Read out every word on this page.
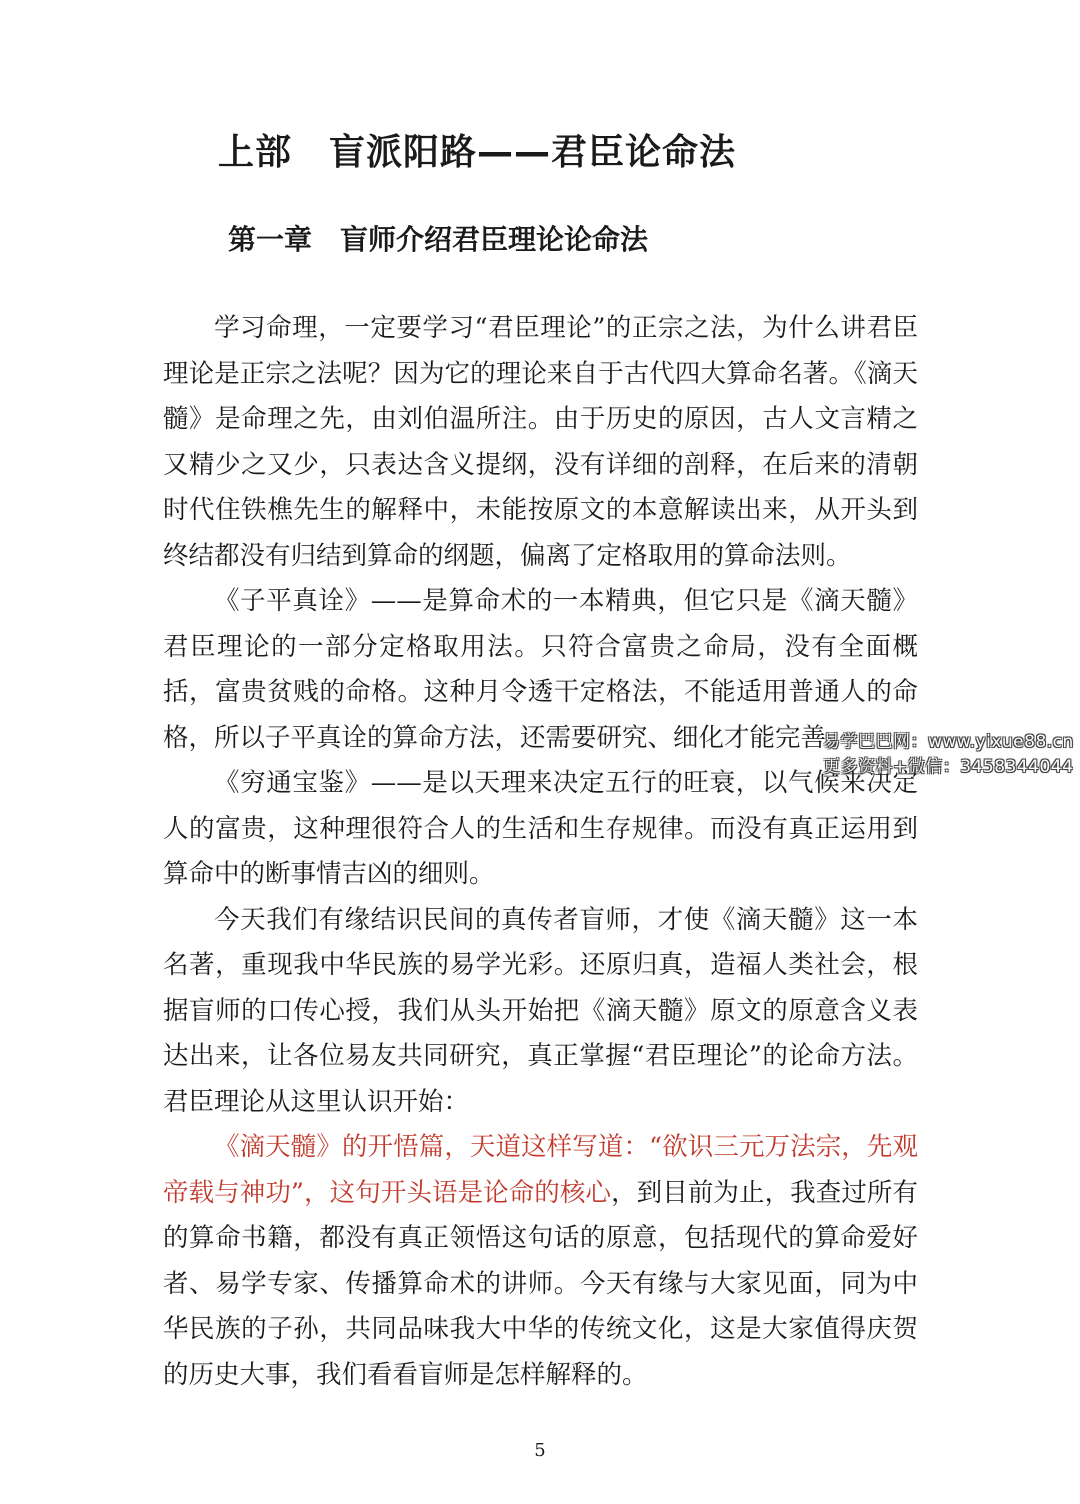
上部　盲派阳路——君臣论命法
第一章　盲师介绍君臣理论论命法

学习命理，一定要学习“君臣理论”的正宗之法，为什么讲君臣理论是正宗之法呢？因为它的理论来自于古代四大算命名著。《滴天髓》是命理之先，由刘伯温所注。由于历史的原因，古人文言精之又精少之又少，只表达含义提纲，没有详细的剖释，在后来的清朝时代住铁樵先生的解释中，未能按原文的本意解读出来，从开头到终结都没有归结到算命的纲题，偏离了定格取用的算命法则。

《子平真诠》——是算命术的一本精典，但它只是《滴天髓》君臣理论的一部分定格取用法。只符合富贵之命局，没有全面概括，富贵贫贱的命格。这种月令透干定格法，不能适用普通人的命格，所以子平真诠的算命方法，还需要研究、细化才能完善。

《穷通宝鉴》——是以天理来决定五行的旺衰，以气候来决定人的富贵，这种理很符合人的生活和生存规律。而没有真正运用到算命中的断事情吉凶的细则。

今天我们有缘结识民间的真传者盲师，才使《滴天髓》这一本名著，重现我中华民族的易学光彩。还原归真，造福人类社会，根据盲师的口传心授，我们从头开始把《滴天髓》原文的原意含义表达出来，让各位易友共同研究，真正掌握“君臣理论”的论命方法。君臣理论从这里认识开始：

《滴天髓》的开悟篇，天道这样写道：“欲识三元万法宗，先观帝载与神功”，这句开头语是论命的核心，到目前为止，我查过所有的算命书籍，都没有真正领悟这句话的原意，包括现代的算命爱好者、易学专家、传播算命术的讲师。今天有缘与大家见面，同为中华民族的子孙，共同品味我大中华的传统文化，这是大家值得庆贺的历史大事，我们看看盲师是怎样解释的。

易学巴巴网：www.yixue88.cn
更多资料+微信：3458344044
5
